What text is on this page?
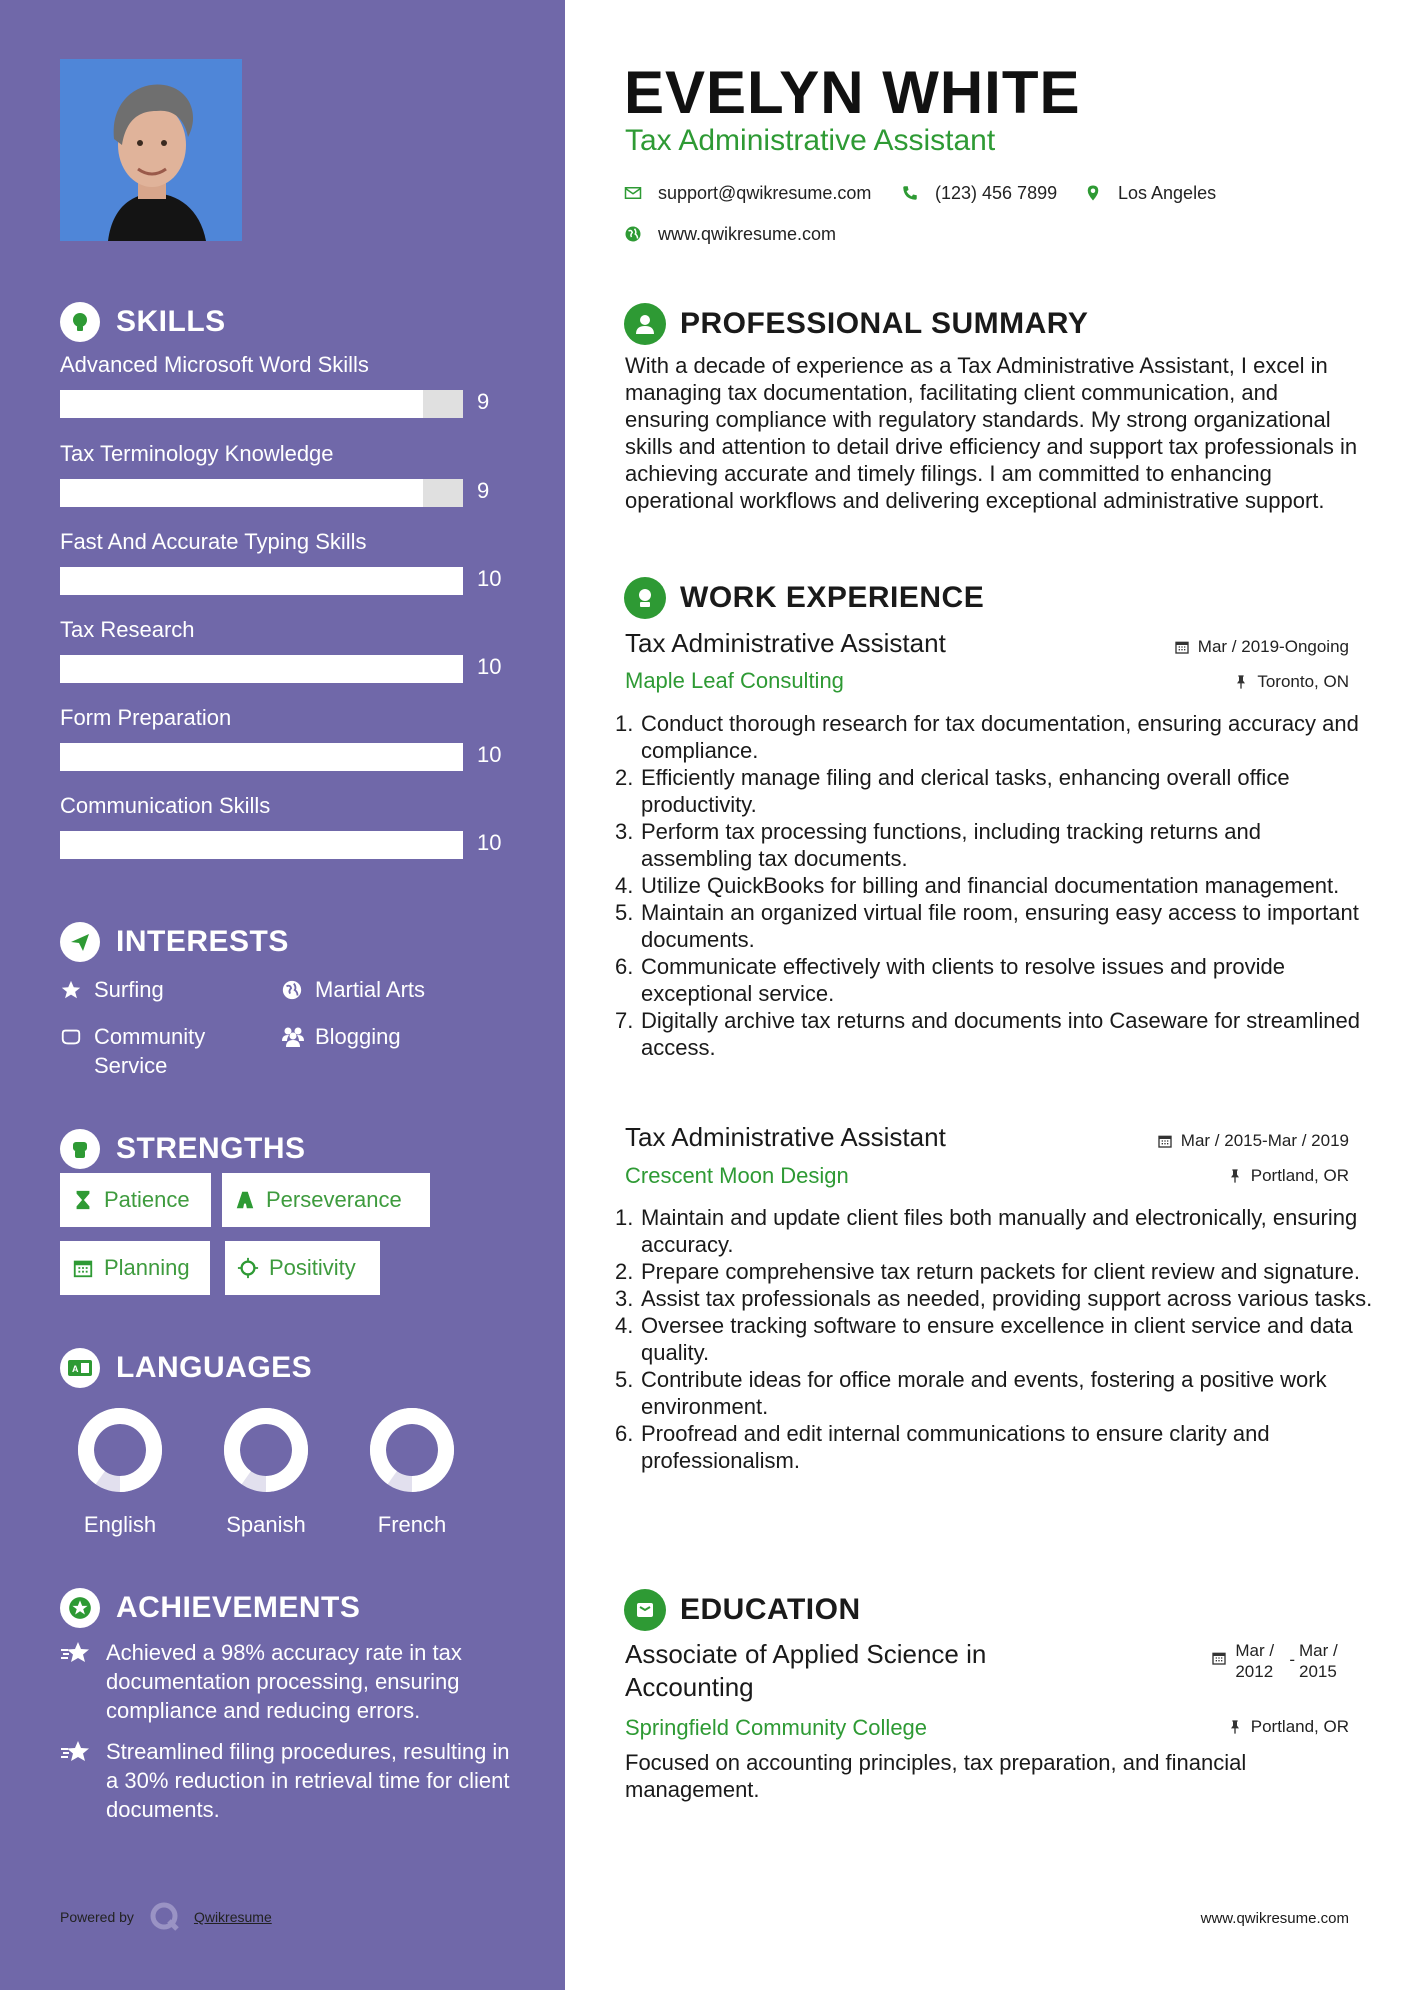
SKILLS
Advanced Microsoft Word Skills
9
Tax Terminology Knowledge
9
Fast And Accurate Typing Skills
10
Tax Research
10
Form Preparation
10
Communication Skills
10
INTERESTS
Surfing	Martial Arts
Community Service
Blogging
STRENGTHS
Patience	Perseverance
Planning	Positivity
A LANGUAGES
English	Spanish	French
ACHIEVEMENTS
Achieved a 98% accuracy rate in tax documentation processing, ensuring compliance and reducing errors.
Streamlined filing procedures, resulting in a 30% reduction in retrieval time for client documents.
Powered by	Qwikresume
EVELYN WHITE
Tax Administrative Assistant
support@qwikresume.com	(123) 456 7899	Los Angeles
www.qwikresume.com
PROFESSIONAL SUMMARY
With a decade of experience as a Tax Administrative Assistant, I excel in managing tax documentation, facilitating client communication, and ensuring compliance with regulatory standards. My strong organizational skills and attention to detail drive efficiency and support tax professionals in achieving accurate and timely filings. I am committed to enhancing operational workflows and delivering exceptional administrative support.
WORK EXPERIENCE
Tax Administrative Assistant	Mar / 2019-Ongoing
Maple Leaf Consulting	Toronto, ON
1. Conduct thorough research for tax documentation, ensuring accuracy and compliance.
2. Efficiently manage filing and clerical tasks, enhancing overall office productivity.
3. Perform tax processing functions, including tracking returns and assembling tax documents.
4. Utilize QuickBooks for billing and financial documentation management.
5. Maintain an organized virtual file room, ensuring easy access to important documents.
6. Communicate effectively with clients to resolve issues and provide exceptional service.
7. Digitally archive tax returns and documents into Caseware for streamlined access.
Tax Administrative Assistant	Mar / 2015-Mar / 2019
Crescent Moon Design	Portland, OR
1. Maintain and update client files both manually and electronically, ensuring accuracy.
2. Prepare comprehensive tax return packets for client review and signature.
3. Assist tax professionals as needed, providing support across various tasks.
4. Oversee tracking software to ensure excellence in client service and data quality.
5. Contribute ideas for office morale and events, fostering a positive work environment.
6. Proofread and edit internal communications to ensure clarity and professionalism.
EDUCATION
Associate of Applied Science in Accounting
Mar / 2012
- Mar / 2015
Springfield Community College	Portland, OR
Focused on accounting principles, tax preparation, and financial management.
www.qwikresume.com
